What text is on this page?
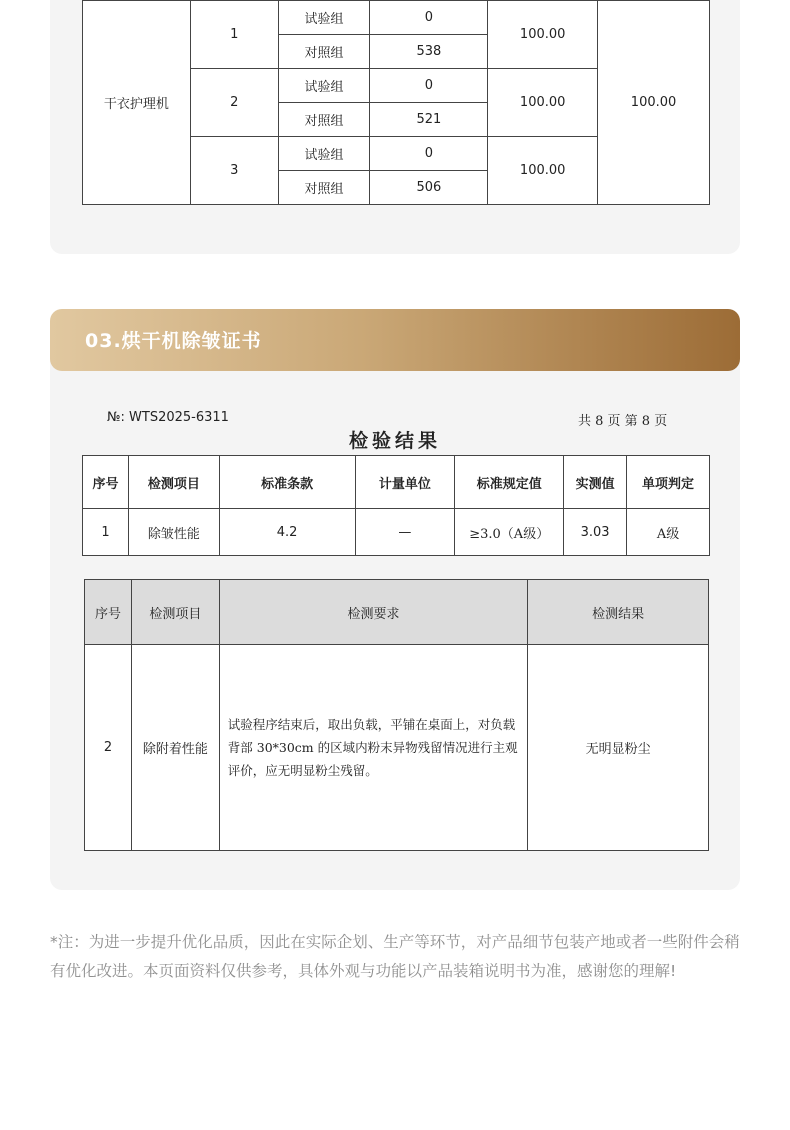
干衣护理机	1	试验组	0	100.00	100.00
		对照组	538		
	2	试验组	0	100.00	
		对照组	521		
	3	试验组	0	100.00	
		对照组	506		
03.烘干机除皱证书
№: WTS2025-6311	共 8 页 第 8 页
检验结果
序号	检测项目	标准条款	计量单位	标准规定值	实测值	单项判定
1	除皱性能	4.2	—	≥3.0（A级）	3.03	A级
序号	检测项目	检测要求	检测结果
2	除附着性能	试验程序结束后，取出负载，平铺在桌面上，对负载背部 30*30cm 的区域内粉末异物残留情况进行主观评价，应无明显粉尘残留。	无明显粉尘
*注：为进一步提升优化品质，因此在实际企划、生产等环节，对产品细节包装产地或者一些附件会稍有优化改进。本页面资料仅供参考，具体外观与功能以产品装箱说明书为准，感谢您的理解!
